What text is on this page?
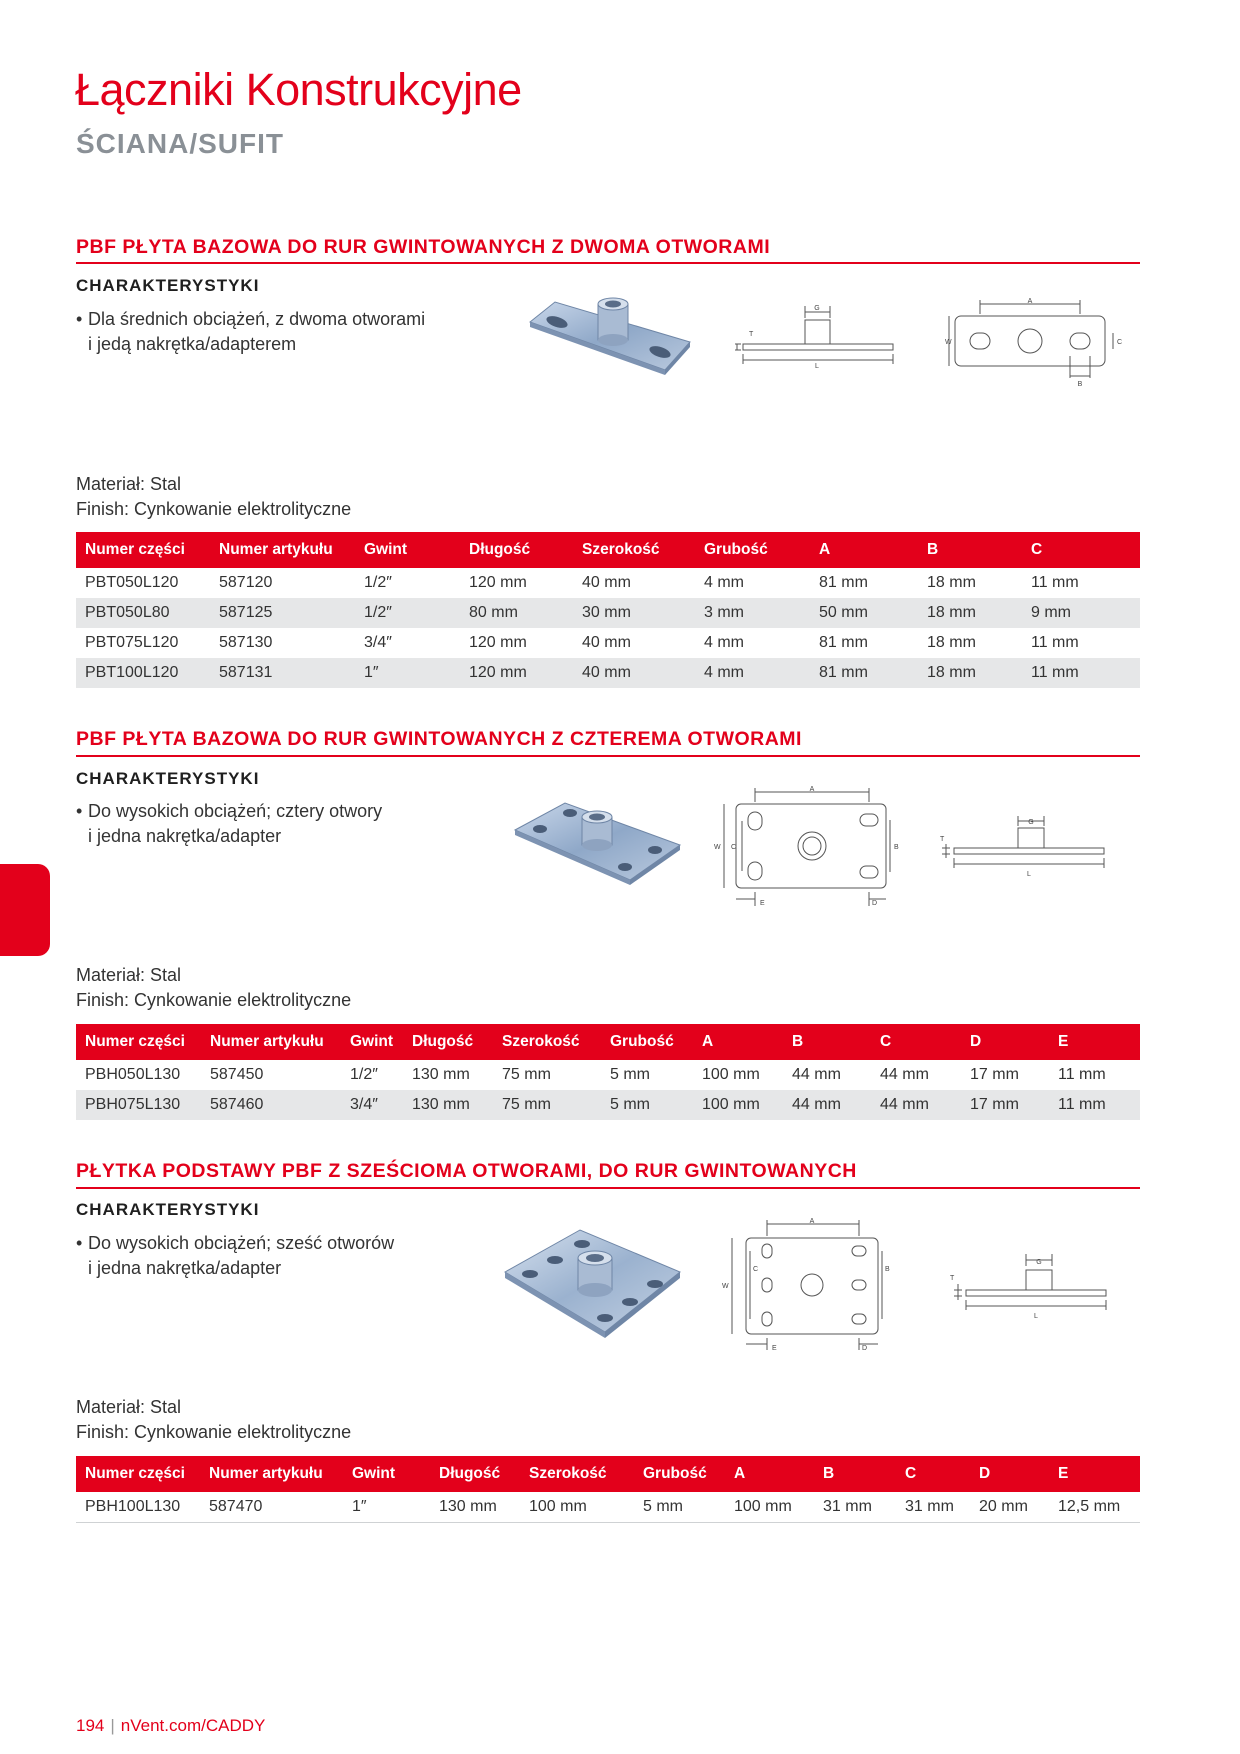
Łączniki Konstrukcyjne
ŚCIANA/SUFIT
PBF PŁYTA BAZOWA DO RUR GWINTOWANYCH Z DWOMA OTWORAMI
CHARAKTERYSTYKI
• Dla średnich obciążeń, z dwoma otworami
i jedą nakrętka/adapterem
G
T
L
A
W	C
B
Materiał: Stal
Finish: Cynkowanie elektrolityczne
Numer części	Numer artykułu	Gwint	Długość	Szerokość	Grubość	A	B	C
PBT050L120	587120	1/2″	120 mm	40 mm	4 mm	81 mm	18 mm	11 mm
PBT050L80	587125	1/2″	80 mm	30 mm	3 mm	50 mm	18 mm	9 mm
PBT075L120	587130	3/4″	120 mm	40 mm	4 mm	81 mm	18 mm	11 mm
PBT100L120	587131	1″	120 mm	40 mm	4 mm	81 mm	18 mm	11 mm
PBF PŁYTA BAZOWA DO RUR GWINTOWANYCH Z CZTEREMA OTWORAMI
CHARAKTERYSTYKI
• Do wysokich obciążeń; cztery otwory
i jedna nakrętka/adapter
A
W C	B
E	D
G
T
L
Materiał: Stal
Finish: Cynkowanie elektrolityczne
Numer części	Numer artykułu	Gwint	Długość	Szerokość	Grubość	A	B	C	D	E
PBH050L130	587450	1/2″	130 mm	75 mm	5 mm	100 mm	44 mm	44 mm	17 mm	11 mm
PBH075L130	587460	3/4″	130 mm	75 mm	5 mm	100 mm	44 mm	44 mm	17 mm	11 mm
PŁYTKA PODSTAWY PBF Z SZEŚCIOMA OTWORAMI, DO RUR GWINTOWANYCH
CHARAKTERYSTYKI
• Do wysokich obciążeń; sześć otworów
i jedna nakrętka/adapter
A
W
C	B
E	D
G
T
L
Materiał: Stal
Finish: Cynkowanie elektrolityczne
Numer części	Numer artykułu	Gwint	Długość	Szerokość	Grubość	A	B	C	D	E
PBH100L130	587470	1″	130 mm	100 mm	5 mm	100 mm	31 mm	31 mm	20 mm	12,5 mm
194 | nVent.com/CADDY
